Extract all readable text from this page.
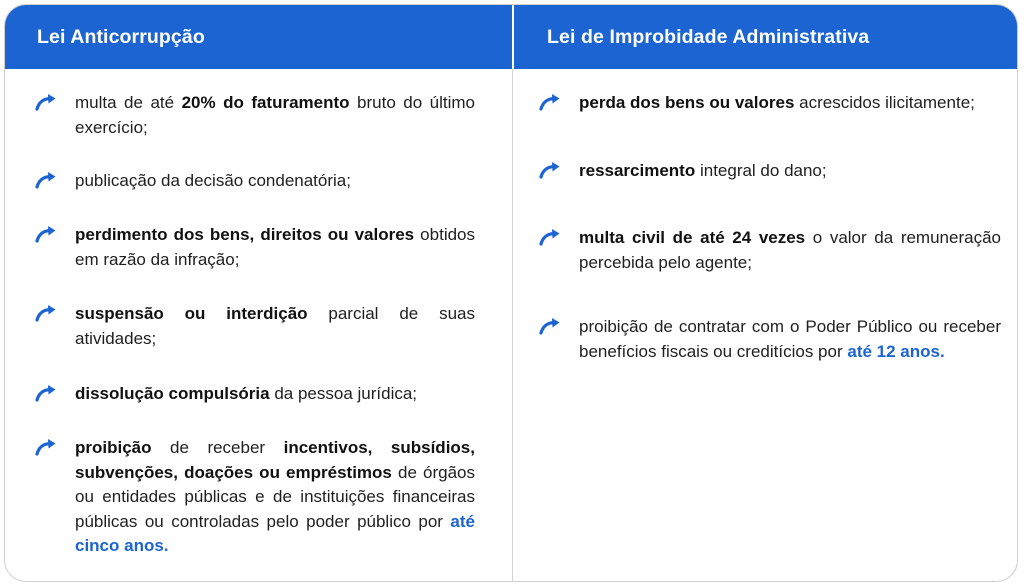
Lei Anticorrupção	Lei de Improbidade Administrativa
multa de até 20% do faturamento bruto do último exercício;
publicação da decisão condenatória;
perdimento dos bens, direitos ou valores obtidos em razão da infração;
suspensão ou interdição parcial de suas atividades;
dissolução compulsória da pessoa jurídica;
proibição de receber incentivos, subsídios, subvenções, doações ou empréstimos de órgãos ou entidades públicas e de instituições financeiras públicas ou controladas pelo poder público por até cinco anos.
perda dos bens ou valores acrescidos ilicitamente;
ressarcimento integral do dano;
multa civil de até 24 vezes o valor da remuneração percebida pelo agente;
proibição de contratar com o Poder Público ou receber benefícios fiscais ou creditícios por até 12 anos.
